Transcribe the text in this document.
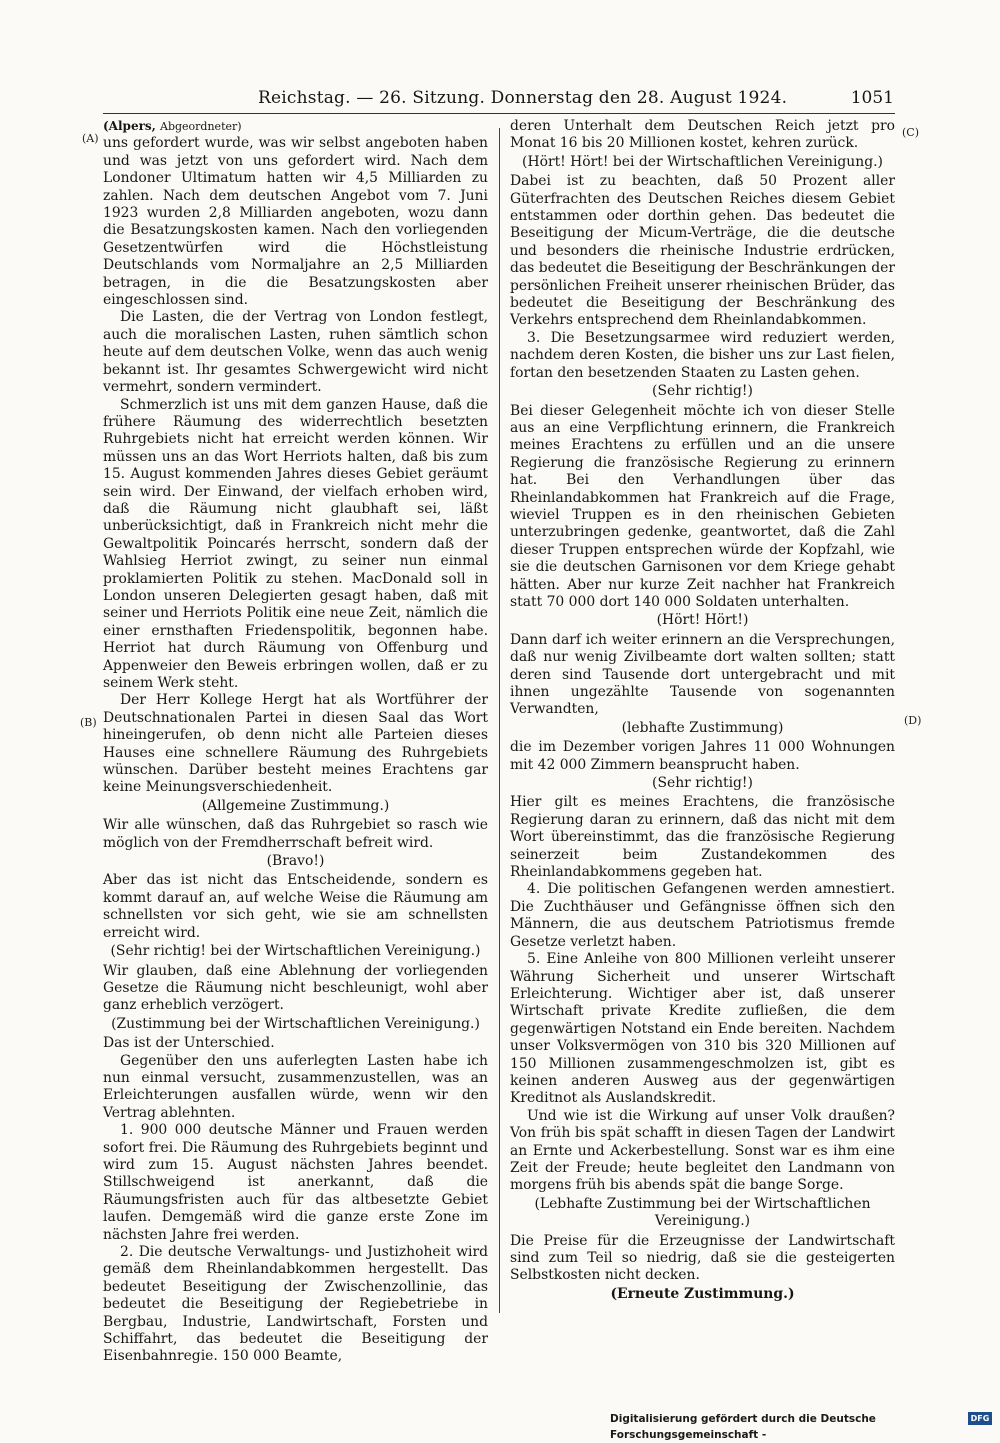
Reichstag. — 26. Sitzung. Donnerstag den 28. August 1924.	1051
(A)
(B)
(C)
(D)

(Alpers, Abgeordneter)

uns gefordert wurde, was wir selbst angeboten haben und was jetzt von uns gefordert wird. Nach dem Londoner Ultimatum hatten wir 4,5 Milliarden zu zahlen. Nach dem deutschen Angebot vom 7. Juni 1923 wurden 2,8 Milliarden angeboten, wozu dann die Besatzungskosten kamen. Nach den vorliegenden Gesetzentwürfen wird die Höchstleistung Deutschlands vom Normaljahre an 2,5 Milliarden betragen, in die die Besatzungskosten aber eingeschlossen sind.

Die Lasten, die der Vertrag von London festlegt, auch die moralischen Lasten, ruhen sämtlich schon heute auf dem deutschen Volke, wenn das auch wenig bekannt ist. Ihr gesamtes Schwergewicht wird nicht vermehrt, sondern vermindert.

Schmerzlich ist uns mit dem ganzen Hause, daß die frühere Räumung des widerrechtlich besetzten Ruhrgebiets nicht hat erreicht werden können. Wir müssen uns an das Wort Herriots halten, daß bis zum 15. August kommenden Jahres dieses Gebiet geräumt sein wird. Der Einwand, der vielfach erhoben wird, daß die Räumung nicht glaubhaft sei, läßt unberücksichtigt, daß in Frankreich nicht mehr die Gewaltpolitik Poincarés herrscht, sondern daß der Wahlsieg Herriot zwingt, zu seiner nun einmal proklamierten Politik zu stehen. MacDonald soll in London unseren Delegierten gesagt haben, daß mit seiner und Herriots Politik eine neue Zeit, nämlich die einer ernsthaften Friedenspolitik, begonnen habe. Herriot hat durch Räumung von Offenburg und Appenweier den Beweis erbringen wollen, daß er zu seinem Werk steht.

Der Herr Kollege Hergt hat als Wortführer der Deutschnationalen Partei in diesen Saal das Wort hineingerufen, ob denn nicht alle Parteien dieses Hauses eine schnellere Räumung des Ruhrgebiets wünschen. Darüber besteht meines Erachtens gar keine Meinungsverschiedenheit.

(Allgemeine Zustimmung.)

Wir alle wünschen, daß das Ruhrgebiet so rasch wie möglich von der Fremdherrschaft befreit wird.

(Bravo!)

Aber das ist nicht das Entscheidende, sondern es kommt darauf an, auf welche Weise die Räumung am schnellsten vor sich geht, wie sie am schnellsten erreicht wird.

(Sehr richtig! bei der Wirtschaftlichen Vereinigung.)

Wir glauben, daß eine Ablehnung der vorliegenden Gesetze die Räumung nicht beschleunigt, wohl aber ganz erheblich verzögert.

(Zustimmung bei der Wirtschaftlichen Vereinigung.)

Das ist der Unterschied.

Gegenüber den uns auferlegten Lasten habe ich nun einmal versucht, zusammenzustellen, was an Erleichterungen ausfallen würde, wenn wir den Vertrag ablehnten.

1. 900 000 deutsche Männer und Frauen werden sofort frei. Die Räumung des Ruhrgebiets beginnt und wird zum 15. August nächsten Jahres beendet. Stillschweigend ist anerkannt, daß die Räumungsfristen auch für das altbesetzte Gebiet laufen. Demgemäß wird die ganze erste Zone im nächsten Jahre frei werden.

2. Die deutsche Verwaltungs- und Justizhoheit wird gemäß dem Rheinlandabkommen hergestellt. Das bedeutet Beseitigung der Zwischenzollinie, das bedeutet die Beseitigung der Regiebetriebe in Bergbau, Industrie, Landwirtschaft, Forsten und Schiffahrt, das bedeutet die Beseitigung der Eisenbahnregie. 150 000 Beamte,

deren Unterhalt dem Deutschen Reich jetzt pro Monat 16 bis 20 Millionen kostet, kehren zurück.

(Hört! Hört! bei der Wirtschaftlichen Vereinigung.)

Dabei ist zu beachten, daß 50 Prozent aller Güterfrachten des Deutschen Reiches diesem Gebiet entstammen oder dorthin gehen. Das bedeutet die Beseitigung der Micum-Verträge, die die deutsche und besonders die rheinische Industrie erdrücken, das bedeutet die Beseitigung der Beschränkungen der persönlichen Freiheit unserer rheinischen Brüder, das bedeutet die Beseitigung der Beschränkung des Verkehrs entsprechend dem Rheinlandabkommen.

3. Die Besetzungsarmee wird reduziert werden, nachdem deren Kosten, die bisher uns zur Last fielen, fortan den besetzenden Staaten zu Lasten gehen.

(Sehr richtig!)

Bei dieser Gelegenheit möchte ich von dieser Stelle aus an eine Verpflichtung erinnern, die Frankreich meines Erachtens zu erfüllen und an die unsere Regierung die französische Regierung zu erinnern hat. Bei den Verhandlungen über das Rheinlandabkommen hat Frankreich auf die Frage, wieviel Truppen es in den rheinischen Gebieten unterzubringen gedenke, geantwortet, daß die Zahl dieser Truppen entsprechen würde der Kopfzahl, wie sie die deutschen Garnisonen vor dem Kriege gehabt hätten. Aber nur kurze Zeit nachher hat Frankreich statt 70 000 dort 140 000 Soldaten unterhalten.

(Hört! Hört!)

Dann darf ich weiter erinnern an die Versprechungen, daß nur wenig Zivilbeamte dort walten sollten; statt deren sind Tausende dort untergebracht und mit ihnen ungezählte Tausende von sogenannten Verwandten,

(lebhafte Zustimmung)

die im Dezember vorigen Jahres 11 000 Wohnungen mit 42 000 Zimmern beansprucht haben.

(Sehr richtig!)

Hier gilt es meines Erachtens, die französische Regierung daran zu erinnern, daß das nicht mit dem Wort übereinstimmt, das die französische Regierung seinerzeit beim Zustandekommen des Rheinlandabkommens gegeben hat.

4. Die politischen Gefangenen werden amnestiert. Die Zuchthäuser und Gefängnisse öffnen sich den Männern, die aus deutschem Patriotismus fremde Gesetze verletzt haben.

5. Eine Anleihe von 800 Millionen verleiht unserer Währung Sicherheit und unserer Wirtschaft Erleichterung. Wichtiger aber ist, daß unserer Wirtschaft private Kredite zufließen, die dem gegenwärtigen Notstand ein Ende bereiten. Nachdem unser Volksvermögen von 310 bis 320 Millionen auf 150 Millionen zusammengeschmolzen ist, gibt es keinen anderen Ausweg aus der gegenwärtigen Kreditnot als Auslandskredit.

Und wie ist die Wirkung auf unser Volk draußen? Von früh bis spät schafft in diesen Tagen der Landwirt an Ernte und Ackerbestellung. Sonst war es ihm eine Zeit der Freude; heute begleitet den Landmann von morgens früh bis abends spät die bange Sorge.

(Lebhafte Zustimmung bei der Wirtschaftlichen Vereinigung.)

Die Preise für die Erzeugnisse der Landwirtschaft sind zum Teil so niedrig, daß sie die gesteigerten Selbstkosten nicht decken.

(Erneute Zustimmung.)

Digitalisierung gefördert durch die Deutsche Forschungsgemeinschaft -
DFG
